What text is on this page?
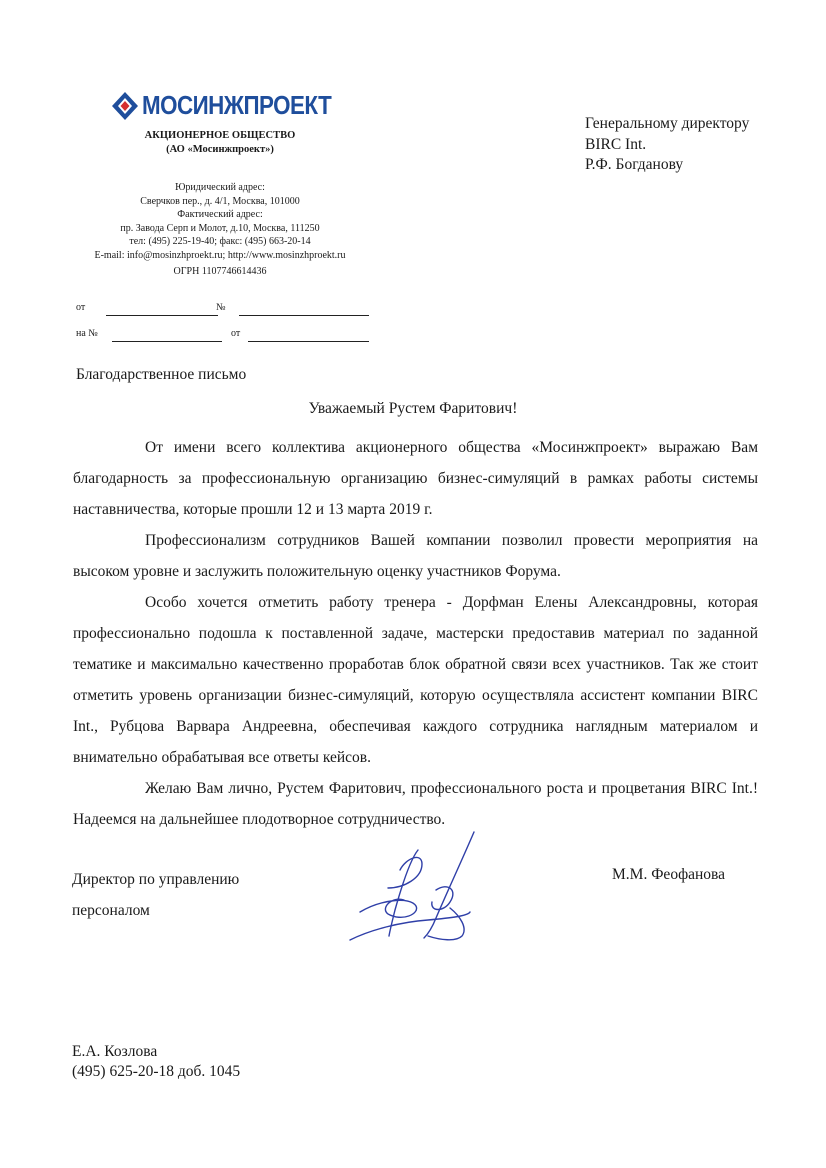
МОСИНЖПРОЕКТ
АКЦИОНЕРНОЕ ОБЩЕСТВО
(АО «Мосинжпроект»)
Юридический адрес:
Сверчков пер., д. 4/1, Москва, 101000
Фактический адрес:
пр. Завода Серп и Молот, д.10, Москва, 111250
тел: (495) 225-19-40; факс: (495) 663-20-14
E-mail: info@mosinzhproekt.ru; http://www.mosinzhproekt.ru
ОГРН 1107746614436
Генеральному директору
BIRC Int.
Р.Ф. Богданову
от	№
на №	от
Благодарственное письмо
Уважаемый Рустем Фаритович!

От имени всего коллектива акционерного общества «Мосинжпроект» выражаю Вам благодарность за профессиональную организацию бизнес-симуляций в рамках работы системы наставничества, которые прошли 12 и 13 марта 2019 г.

Профессионализм сотрудников Вашей компании позволил провести мероприятия на высоком уровне и заслужить положительную оценку участников Форума.

Особо хочется отметить работу тренера - Дорфман Елены Александровны, которая профессионально подошла к поставленной задаче, мастерски предоставив материал по заданной тематике и максимально качественно проработав блок обратной связи всех участников. Так же стоит отметить уровень организации бизнес-симуляций, которую осуществляла ассистент компании BIRC Int., Рубцова Варвара Андреевна, обеспечивая каждого сотрудника наглядным материалом и внимательно обрабатывая все ответы кейсов.

Желаю Вам лично, Рустем Фаритович, профессионального роста и процветания BIRC Int.! Надеемся на дальнейшее плодотворное сотрудничество.

Директор по управлению
персоналом
М.М. Феофанова
Е.А. Козлова
(495) 625-20-18 доб. 1045
